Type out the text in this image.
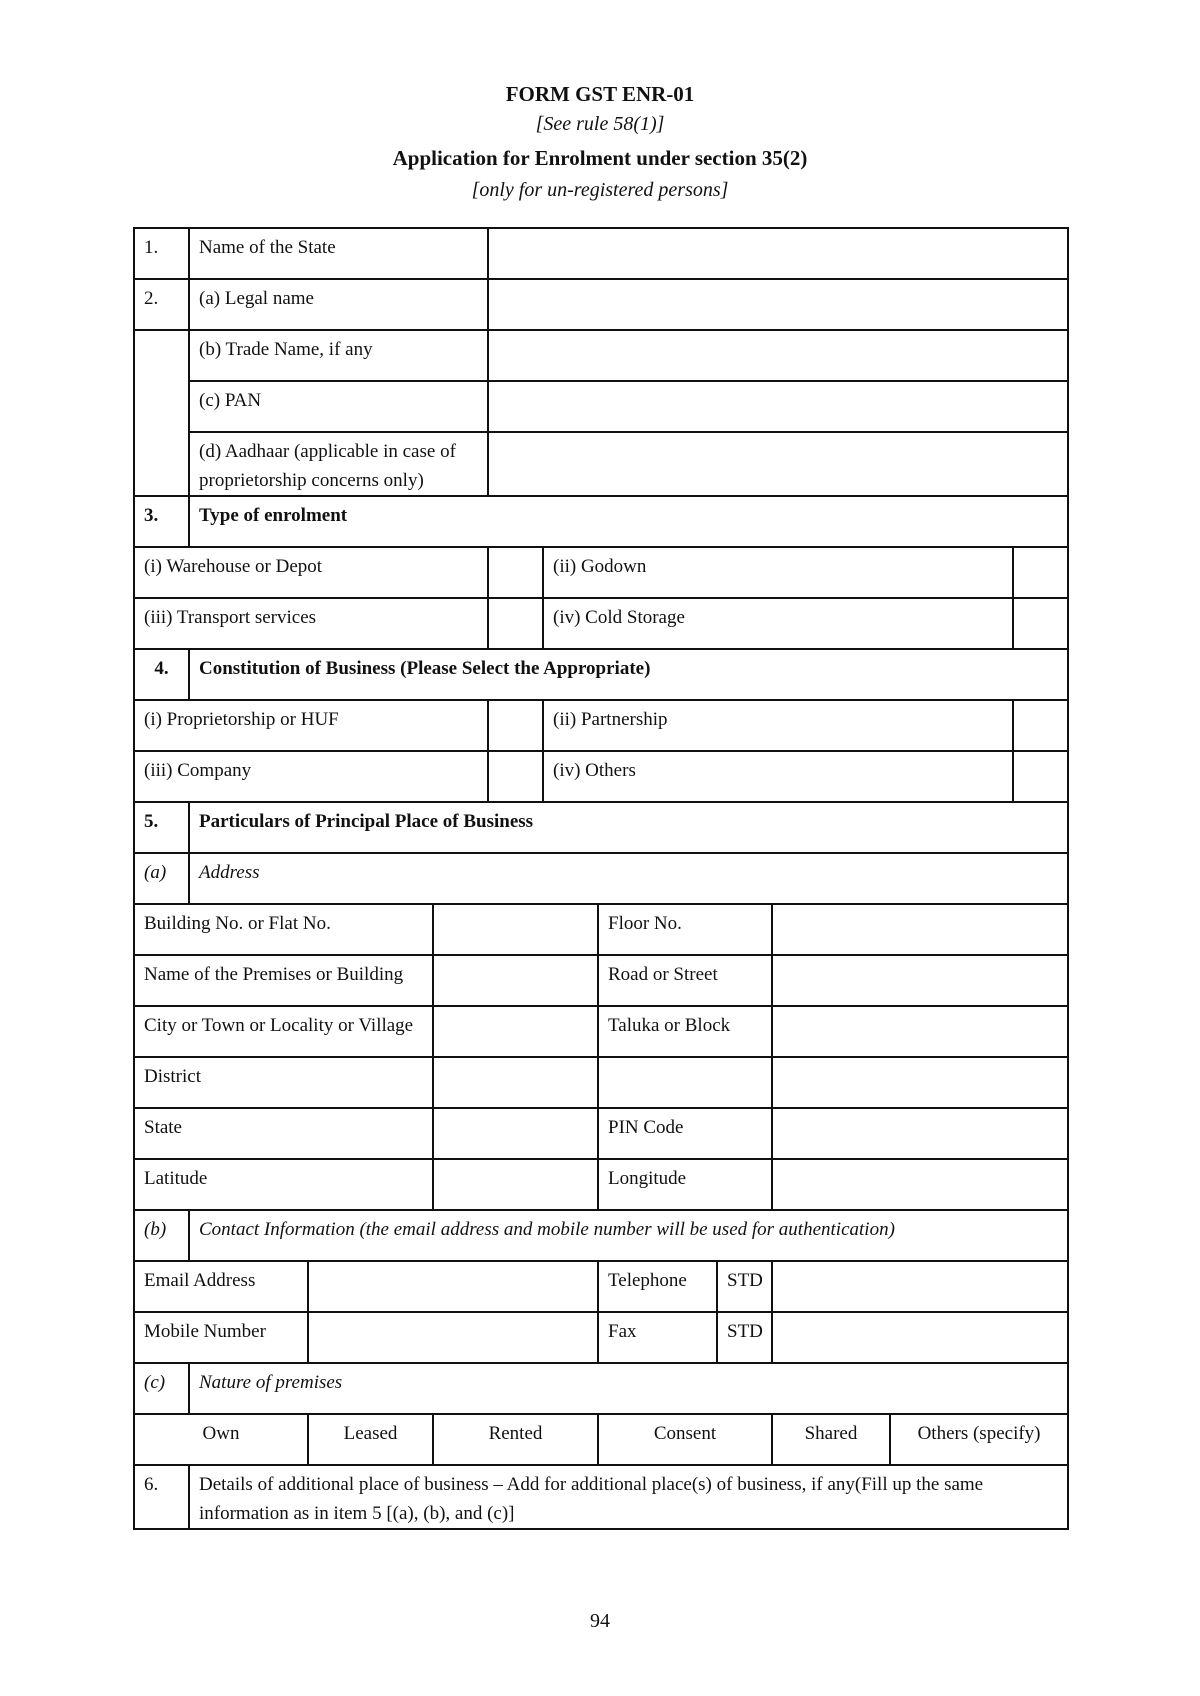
FORM GST ENR-01
[See rule 58(1)]
Application for Enrolment under section 35(2)
[only for un-registered persons]
1.	Name of the State									
2.	(a) Legal name									
	(b) Trade Name, if any									
	(c) PAN									
	(d) Aadhaar (applicable in case of proprietorship concerns only)									
3.	Type of enrolment									
(i) Warehouse or Depot					(ii) Godown					
(iii) Transport services					(iv) Cold Storage					
4.	Constitution of Business (Please Select the Appropriate)									
(i) Proprietorship or HUF					(ii) Partnership					
(iii) Company					(iv) Others					
5.	Particulars of Principal Place of Business									
(a)	Address									
Building No. or Flat No.						Floor No.				
Name of the Premises or Building						Road or Street				
City or Town or Locality or Village						Taluka or Block				
District										
State						PIN Code				
Latitude						Longitude				
(b)	Contact Information (the email address and mobile number will be used for authentication)									
Email Address						Telephone	STD			
Mobile Number						Fax	STD			
(c)	Nature of premises									
Own		Leased	Rented			Consent		Shared	Others (specify)	
6.	Details of additional place of business – Add for additional place(s) of business, if any(Fill up the same information as in item 5 [(a), (b), and (c)]									
94
